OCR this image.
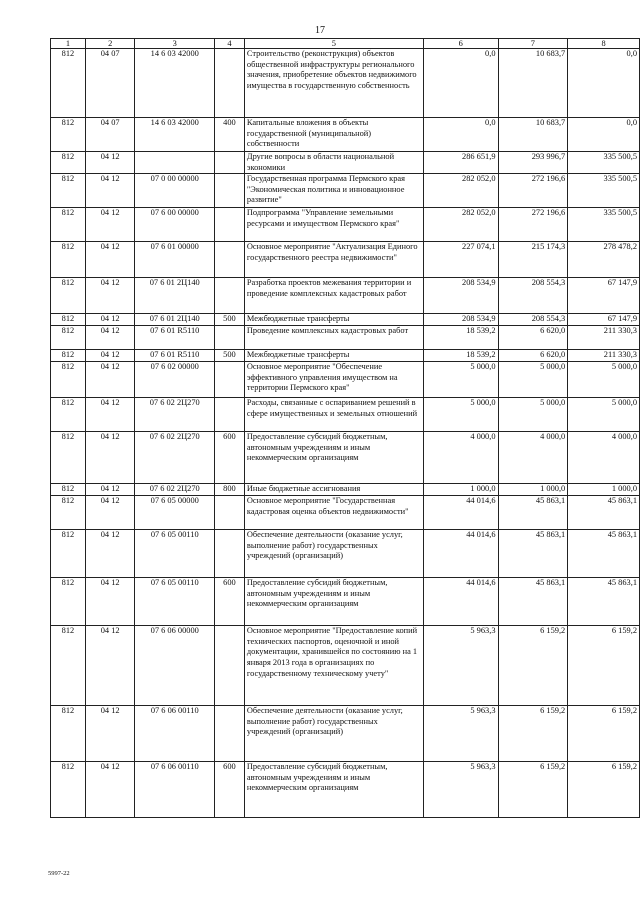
17
1	2	3	4	5	6	7	8
812	04 07	14 6 03 42000		Строительство (реконструкция) объектов общественной инфраструктуры регионального значения, приобретение объектов недвижимого имущества в государственную собственность	0,0	10 683,7	0,0
812	04 07	14 6 03 42000	400	Капитальные вложения в объекты государственной (муниципальной) собственности	0,0	10 683,7	0,0
812	04 12			Другие вопросы в области национальной экономики	286 651,9	293 996,7	335 500,5
812	04 12	07 0 00 00000		Государственная программа Пермского края "Экономическая политика и инновационное развитие"	282 052,0	272 196,6	335 500,5
812	04 12	07 6 00 00000		Подпрограмма "Управление земельными ресурсами и имуществом Пермского края"	282 052,0	272 196,6	335 500,5
812	04 12	07 6 01 00000		Основное мероприятие "Актуализация Единого государственного реестра недвижимости"	227 074,1	215 174,3	278 478,2
812	04 12	07 6 01 2Ц140		Разработка проектов межевания территории и проведение комплексных кадастровых работ	208 534,9	208 554,3	67 147,9
812	04 12	07 6 01 2Ц140	500	Межбюджетные трансферты	208 534,9	208 554,3	67 147,9
812	04 12	07 6 01 R5110		Проведение комплексных кадастровых работ	18 539,2	6 620,0	211 330,3
812	04 12	07 6 01 R5110	500	Межбюджетные трансферты	18 539,2	6 620,0	211 330,3
812	04 12	07 6 02 00000		Основное мероприятие "Обеспечение эффективного управления имуществом на территории Пермского края"	5 000,0	5 000,0	5 000,0
812	04 12	07 6 02 2Ц270		Расходы, связанные с оспариванием решений в сфере имущественных и земельных отношений	5 000,0	5 000,0	5 000,0
812	04 12	07 6 02 2Ц270	600	Предоставление субсидий бюджетным, автономным учреждениям и иным некоммерческим организациям	4 000,0	4 000,0	4 000,0
812	04 12	07 6 02 2Ц270	800	Иные бюджетные ассигнования	1 000,0	1 000,0	1 000,0
812	04 12	07 6 05 00000		Основное мероприятие "Государственная кадастровая оценка объектов недвижимости"	44 014,6	45 863,1	45 863,1
812	04 12	07 6 05 00110		Обеспечение деятельности (оказание услуг, выполнение работ) государственных учреждений (организаций)	44 014,6	45 863,1	45 863,1
812	04 12	07 6 05 00110	600	Предоставление субсидий бюджетным, автономным учреждениям и иным некоммерческим организациям	44 014,6	45 863,1	45 863,1
812	04 12	07 6 06 00000		Основное мероприятие "Предоставление копий технических паспортов, оценочной и иной документации, хранившейся по состоянию на 1 января 2013 года в организациях по государственному техническому учету"	5 963,3	6 159,2	6 159,2
812	04 12	07 6 06 00110		Обеспечение деятельности (оказание услуг, выполнение работ) государственных учреждений (организаций)	5 963,3	6 159,2	6 159,2
812	04 12	07 6 06 00110	600	Предоставление субсидий бюджетным, автономным учреждениям и иным некоммерческим организациям	5 963,3	6 159,2	6 159,2
5997-22
